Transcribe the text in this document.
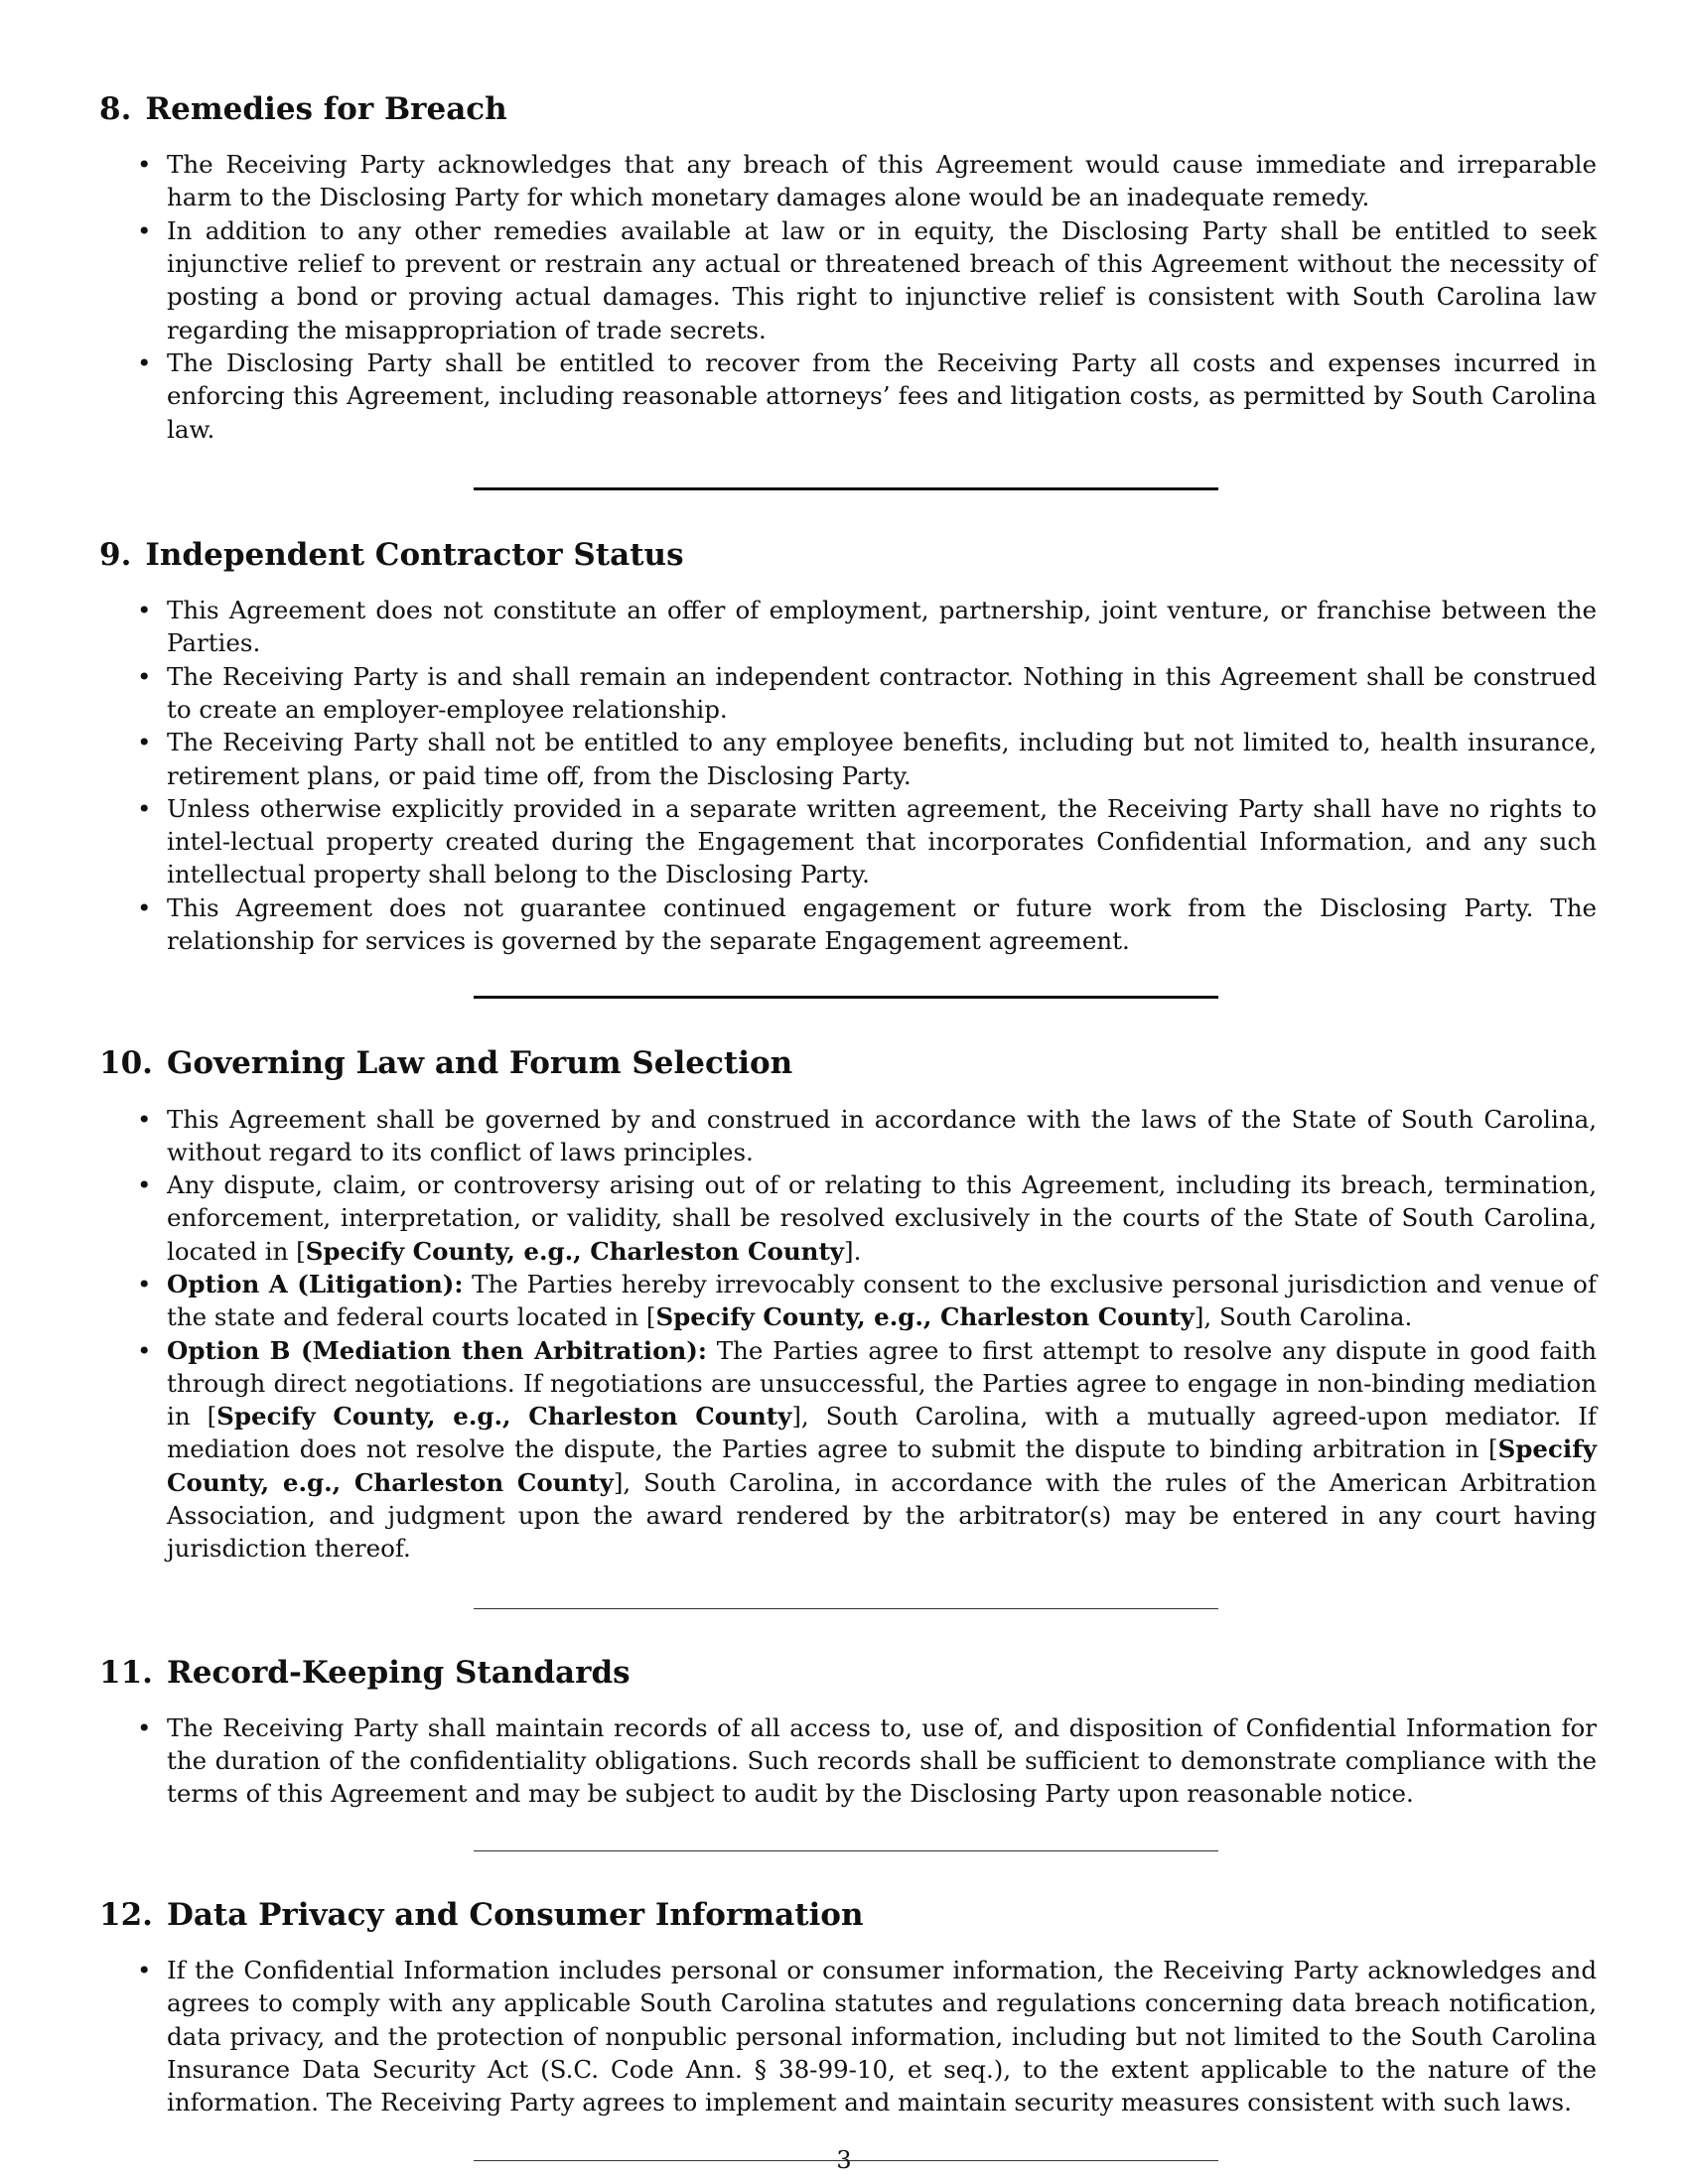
8. Remedies for Breach
• The Receiving Party acknowledges that any breach of this Agreement would cause immediate and irreparable harm to the Disclosing Party for which monetary damages alone would be an inadequate remedy.
• In addition to any other remedies available at law or in equity, the Disclosing Party shall be entitled to seek injunctive relief to prevent or restrain any actual or threatened breach of this Agreement without the necessity of posting a bond or proving actual damages. This right to injunctive relief is consistent with South Carolina law regarding the misappropriation of trade secrets.
• The Disclosing Party shall be entitled to recover from the Receiving Party all costs and expenses incurred in enforcing this Agreement, including reasonable attorneys’ fees and litigation costs, as permitted by South Carolina law.
9. Independent Contractor Status
• This Agreement does not constitute an offer of employment, partnership, joint venture, or franchise between the Parties.
• The Receiving Party is and shall remain an independent contractor. Nothing in this Agreement shall be construed to create an employer-employee relationship.
• The Receiving Party shall not be entitled to any employee benefits, including but not limited to, health insurance, retirement plans, or paid time off, from the Disclosing Party.
• Unless otherwise explicitly provided in a separate written agreement, the Receiving Party shall have no rights to intel-lectual property created during the Engagement that incorporates Confidential Information, and any such intellectual property shall belong to the Disclosing Party.
• This Agreement does not guarantee continued engagement or future work from the Disclosing Party. The relationship for services is governed by the separate Engagement agreement.
10. Governing Law and Forum Selection
• This Agreement shall be governed by and construed in accordance with the laws of the State of South Carolina, without regard to its conflict of laws principles.
• Any dispute, claim, or controversy arising out of or relating to this Agreement, including its breach, termination, enforcement, interpretation, or validity, shall be resolved exclusively in the courts of the State of South Carolina, located in [Specify County, e.g., Charleston County].
• Option A (Litigation): The Parties hereby irrevocably consent to the exclusive personal jurisdiction and venue of the state and federal courts located in [Specify County, e.g., Charleston County], South Carolina.
• Option B (Mediation then Arbitration): The Parties agree to first attempt to resolve any dispute in good faith through direct negotiations. If negotiations are unsuccessful, the Parties agree to engage in non-binding mediation in [Specify County, e.g., Charleston County], South Carolina, with a mutually agreed-upon mediator. If mediation does not resolve the dispute, the Parties agree to submit the dispute to binding arbitration in [Specify County, e.g., Charleston County], South Carolina, in accordance with the rules of the American Arbitration Association, and judgment upon the award rendered by the arbitrator(s) may be entered in any court having jurisdiction thereof.
11. Record-Keeping Standards
• The Receiving Party shall maintain records of all access to, use of, and disposition of Confidential Information for the duration of the confidentiality obligations. Such records shall be sufficient to demonstrate compliance with the terms of this Agreement and may be subject to audit by the Disclosing Party upon reasonable notice.
12. Data Privacy and Consumer Information
• If the Confidential Information includes personal or consumer information, the Receiving Party acknowledges and agrees to comply with any applicable South Carolina statutes and regulations concerning data breach notification, data privacy, and the protection of nonpublic personal information, including but not limited to the South Carolina Insurance Data Security Act (S.C. Code Ann. § 38-99-10, et seq.), to the extent applicable to the nature of the information. The Receiving Party agrees to implement and maintain security measures consistent with such laws.
3
